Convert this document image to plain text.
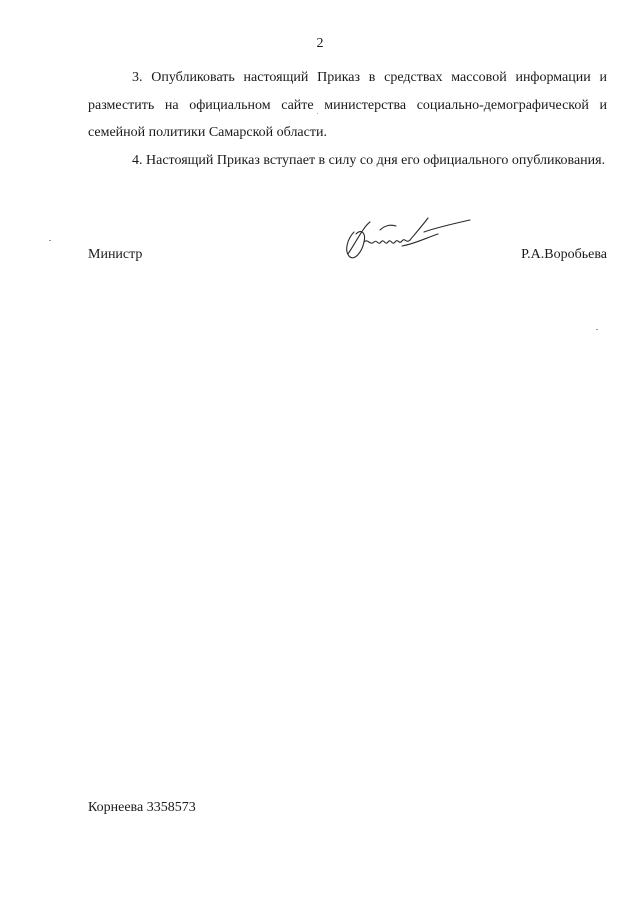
2
3. Опубликовать настоящий Приказ в средствах массовой информации и разместить на официальном сайте министерства социально-демографической и семейной политики Самарской области.
4. Настоящий Приказ вступает в силу со дня его официального опубликования.
Министр	Р.А.Воробьева
Корнеева 3358573
